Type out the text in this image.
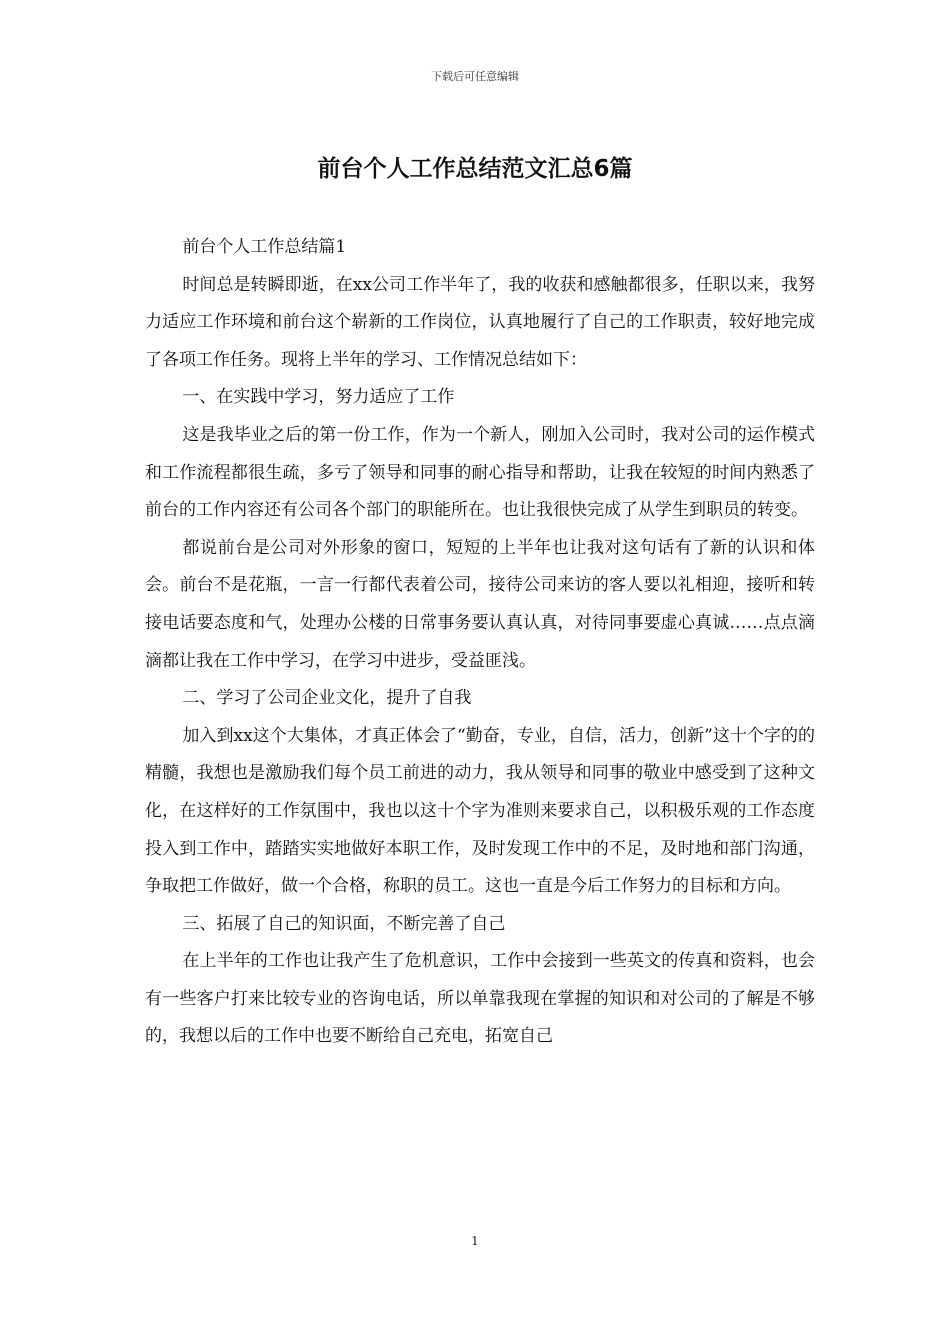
下载后可任意编辑
前台个人工作总结范文汇总6篇

前台个人工作总结篇1

时间总是转瞬即逝，在xx公司工作半年了，我的收获和感触都很多，任职以来，我努力适应工作环境和前台这个崭新的工作岗位，认真地履行了自己的工作职责，较好地完成了各项工作任务。现将上半年的学习、工作情况总结如下：

一、在实践中学习，努力适应了工作

这是我毕业之后的第一份工作，作为一个新人，刚加入公司时，我对公司的运作模式和工作流程都很生疏，多亏了领导和同事的耐心指导和帮助，让我在较短的时间内熟悉了前台的工作内容还有公司各个部门的职能所在。也让我很快完成了从学生到职员的转变。

都说前台是公司对外形象的窗口，短短的上半年也让我对这句话有了新的认识和体会。前台不是花瓶，一言一行都代表着公司，接待公司来访的客人要以礼相迎，接听和转接电话要态度和气，处理办公楼的日常事务要认真认真，对待同事要虚心真诚……点点滴滴都让我在工作中学习，在学习中进步，受益匪浅。

二、学习了公司企业文化，提升了自我

加入到xx这个大集体，才真正体会了“勤奋，专业，自信，活力，创新”这十个字的的精髓，我想也是激励我们每个员工前进的动力，我从领导和同事的敬业中感受到了这种文化，在这样好的工作氛围中，我也以这十个字为准则来要求自己，以积极乐观的工作态度投入到工作中，踏踏实实地做好本职工作，及时发现工作中的不足，及时地和部门沟通，争取把工作做好，做一个合格，称职的员工。这也一直是今后工作努力的目标和方向。

三、拓展了自己的知识面，不断完善了自己

在上半年的工作也让我产生了危机意识，工作中会接到一些英文的传真和资料，也会有一些客户打来比较专业的咨询电话，所以单靠我现在掌握的知识和对公司的了解是不够的，我想以后的工作中也要不断给自己充电，拓宽自己

1
